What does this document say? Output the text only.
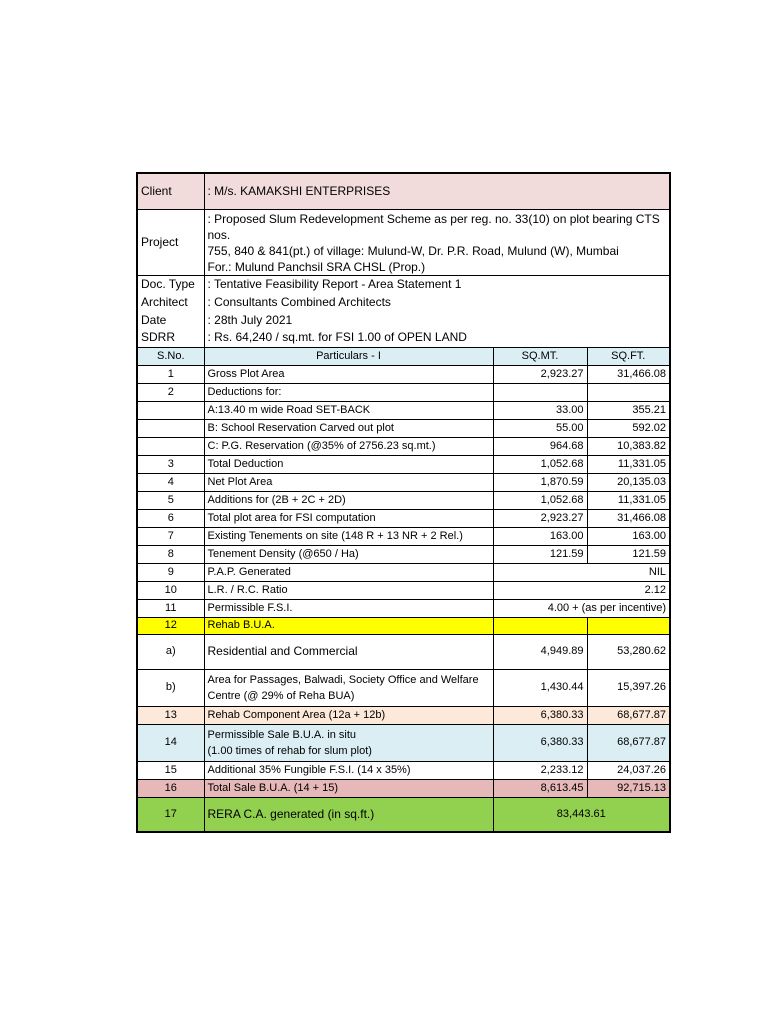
Client	: M/s. KAMAKSHI ENTERPRISES		
Project	: Proposed Slum Redevelopment Scheme as per reg. no. 33(10) on plot bearing CTS nos.
755, 840 & 841(pt.) of village: Mulund-W, Dr. P.R. Road, Mulund (W), Mumbai
For.: Mulund Panchsil SRA CHSL (Prop.)		

Doc. Type	: Tentative Feasibility Report - Area Statement 1		
Architect	: Consultants Combined Architects		
Date	: 28th July 2021		
SDRR	: Rs. 64,240 / sq.mt. for FSI 1.00 of OPEN LAND		
S.No.	Particulars - I	SQ.MT.	SQ.FT.
1	Gross Plot Area	2,923.27	31,466.08
2	Deductions for:		
	A:13.40 m wide Road SET-BACK	33.00	355.21
	B: School Reservation Carved out plot	55.00	592.02
	C: P.G. Reservation (@35% of 2756.23 sq.mt.)	964.68	10,383.82
3	Total Deduction	1,052.68	11,331.05
4	Net Plot Area	1,870.59	20,135.03
5	Additions for (2B + 2C + 2D)	1,052.68	11,331.05
6	Total plot area for FSI computation	2,923.27	31,466.08
7	Existing Tenements on site (148 R + 13 NR + 2 Rel.)	163.00	163.00
8	Tenement Density (@650 / Ha)	121.59	121.59
9	P.A.P. Generated	NIL	
10	L.R. / R.C. Ratio	2.12	
11	Permissible F.S.I.	4.00 + (as per incentive)	
12	Rehab B.U.A.		
a)	Residential and Commercial	4,949.89	53,280.62
b)	Area for Passages, Balwadi, Society Office and Welfare
Centre (@ 29% of Reha BUA)	1,430.44	15,397.26
13	Rehab Component Area (12a + 12b)	6,380.33	68,677.87
14	Permissible Sale B.U.A. in situ
(1.00 times of rehab for slum plot)	6,380.33	68,677.87
15	Additional 35% Fungible F.S.I. (14 x 35%)	2,233.12	24,037.26
16	Total Sale B.U.A. (14 + 15)	8,613.45	92,715.13
17	RERA C.A. generated (in sq.ft.)	83,443.61	
